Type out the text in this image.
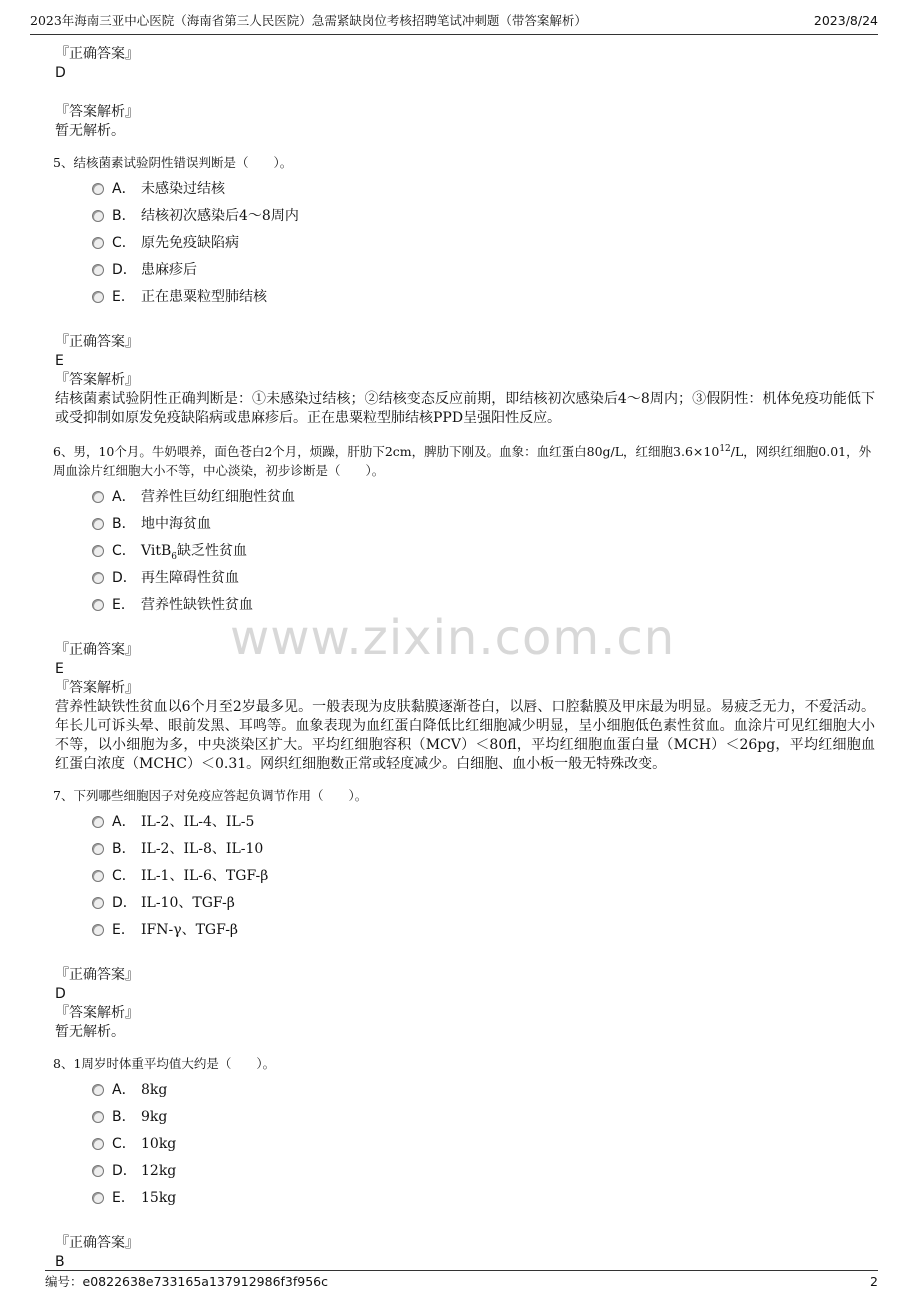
2023年海南三亚中心医院（海南省第三人民医院）急需紧缺岗位考核招聘笔试冲刺题（带答案解析）	2023/8/24
www.zixin.com.cn
『正确答案』
D
『答案解析』
暂无解析。
5、结核菌素试验阴性错误判断是（　　）。
A． 未感染过结核
B． 结核初次感染后4～8周内
C． 原先免疫缺陷病
D． 患麻疹后
E． 正在患粟粒型肺结核
『正确答案』
E
『答案解析』
结核菌素试验阴性正确判断是：①未感染过结核；②结核变态反应前期，即结核初次感染后4～8周内；③假阴性：机体免疫功能低下或受抑制如原发免疫缺陷病或患麻疹后。正在患粟粒型肺结核PPD呈强阳性反应。
6、男，10个月。牛奶喂养，面色苍白2个月，烦躁，肝肋下2cm，脾肋下刚及。血象：血红蛋白80g/L，红细胞$3.6\times 10^{12}/L$，网织红细胞0.01，外周血涂片红细胞大小不等，中心淡染，初步诊断是（　　）。
A． 营养性巨幼红细胞性贫血
B． 地中海贫血
C． VitB$_6$缺乏性贫血
D． 再生障碍性贫血
E． 营养性缺铁性贫血
『正确答案』
E
『答案解析』
营养性缺铁性贫血以6个月至2岁最多见。一般表现为皮肤黏膜逐渐苍白，以唇、口腔黏膜及甲床最为明显。易疲乏无力，不爱活动。年长儿可诉头晕、眼前发黑、耳鸣等。血象表现为血红蛋白降低比红细胞减少明显，呈小细胞低色素性贫血。血涂片可见红细胞大小不等，以小细胞为多，中央淡染区扩大。平均红细胞容积（MCV）＜80fl，平均红细胞血蛋白量（MCH）＜26pg，平均红细胞血红蛋白浓度（MCHC）＜0.31。网织红细胞数正常或轻度减少。白细胞、血小板一般无特殊改变。
7、下列哪些细胞因子对免疫应答起负调节作用（　　）。
A． IL-2、IL-4、IL-5
B． IL-2、IL-8、IL-10
C． IL-1、IL-6、TGF-β
D． IL-10、TGF-β
E． IFN-γ、TGF-β
『正确答案』
D
『答案解析』
暂无解析。
8、1周岁时体重平均值大约是（　　）。
A． 8kg
B． 9kg
C． 10kg
D． 12kg
E． 15kg
『正确答案』
B
编号：e0822638e733165a137912986f3f956c	2
